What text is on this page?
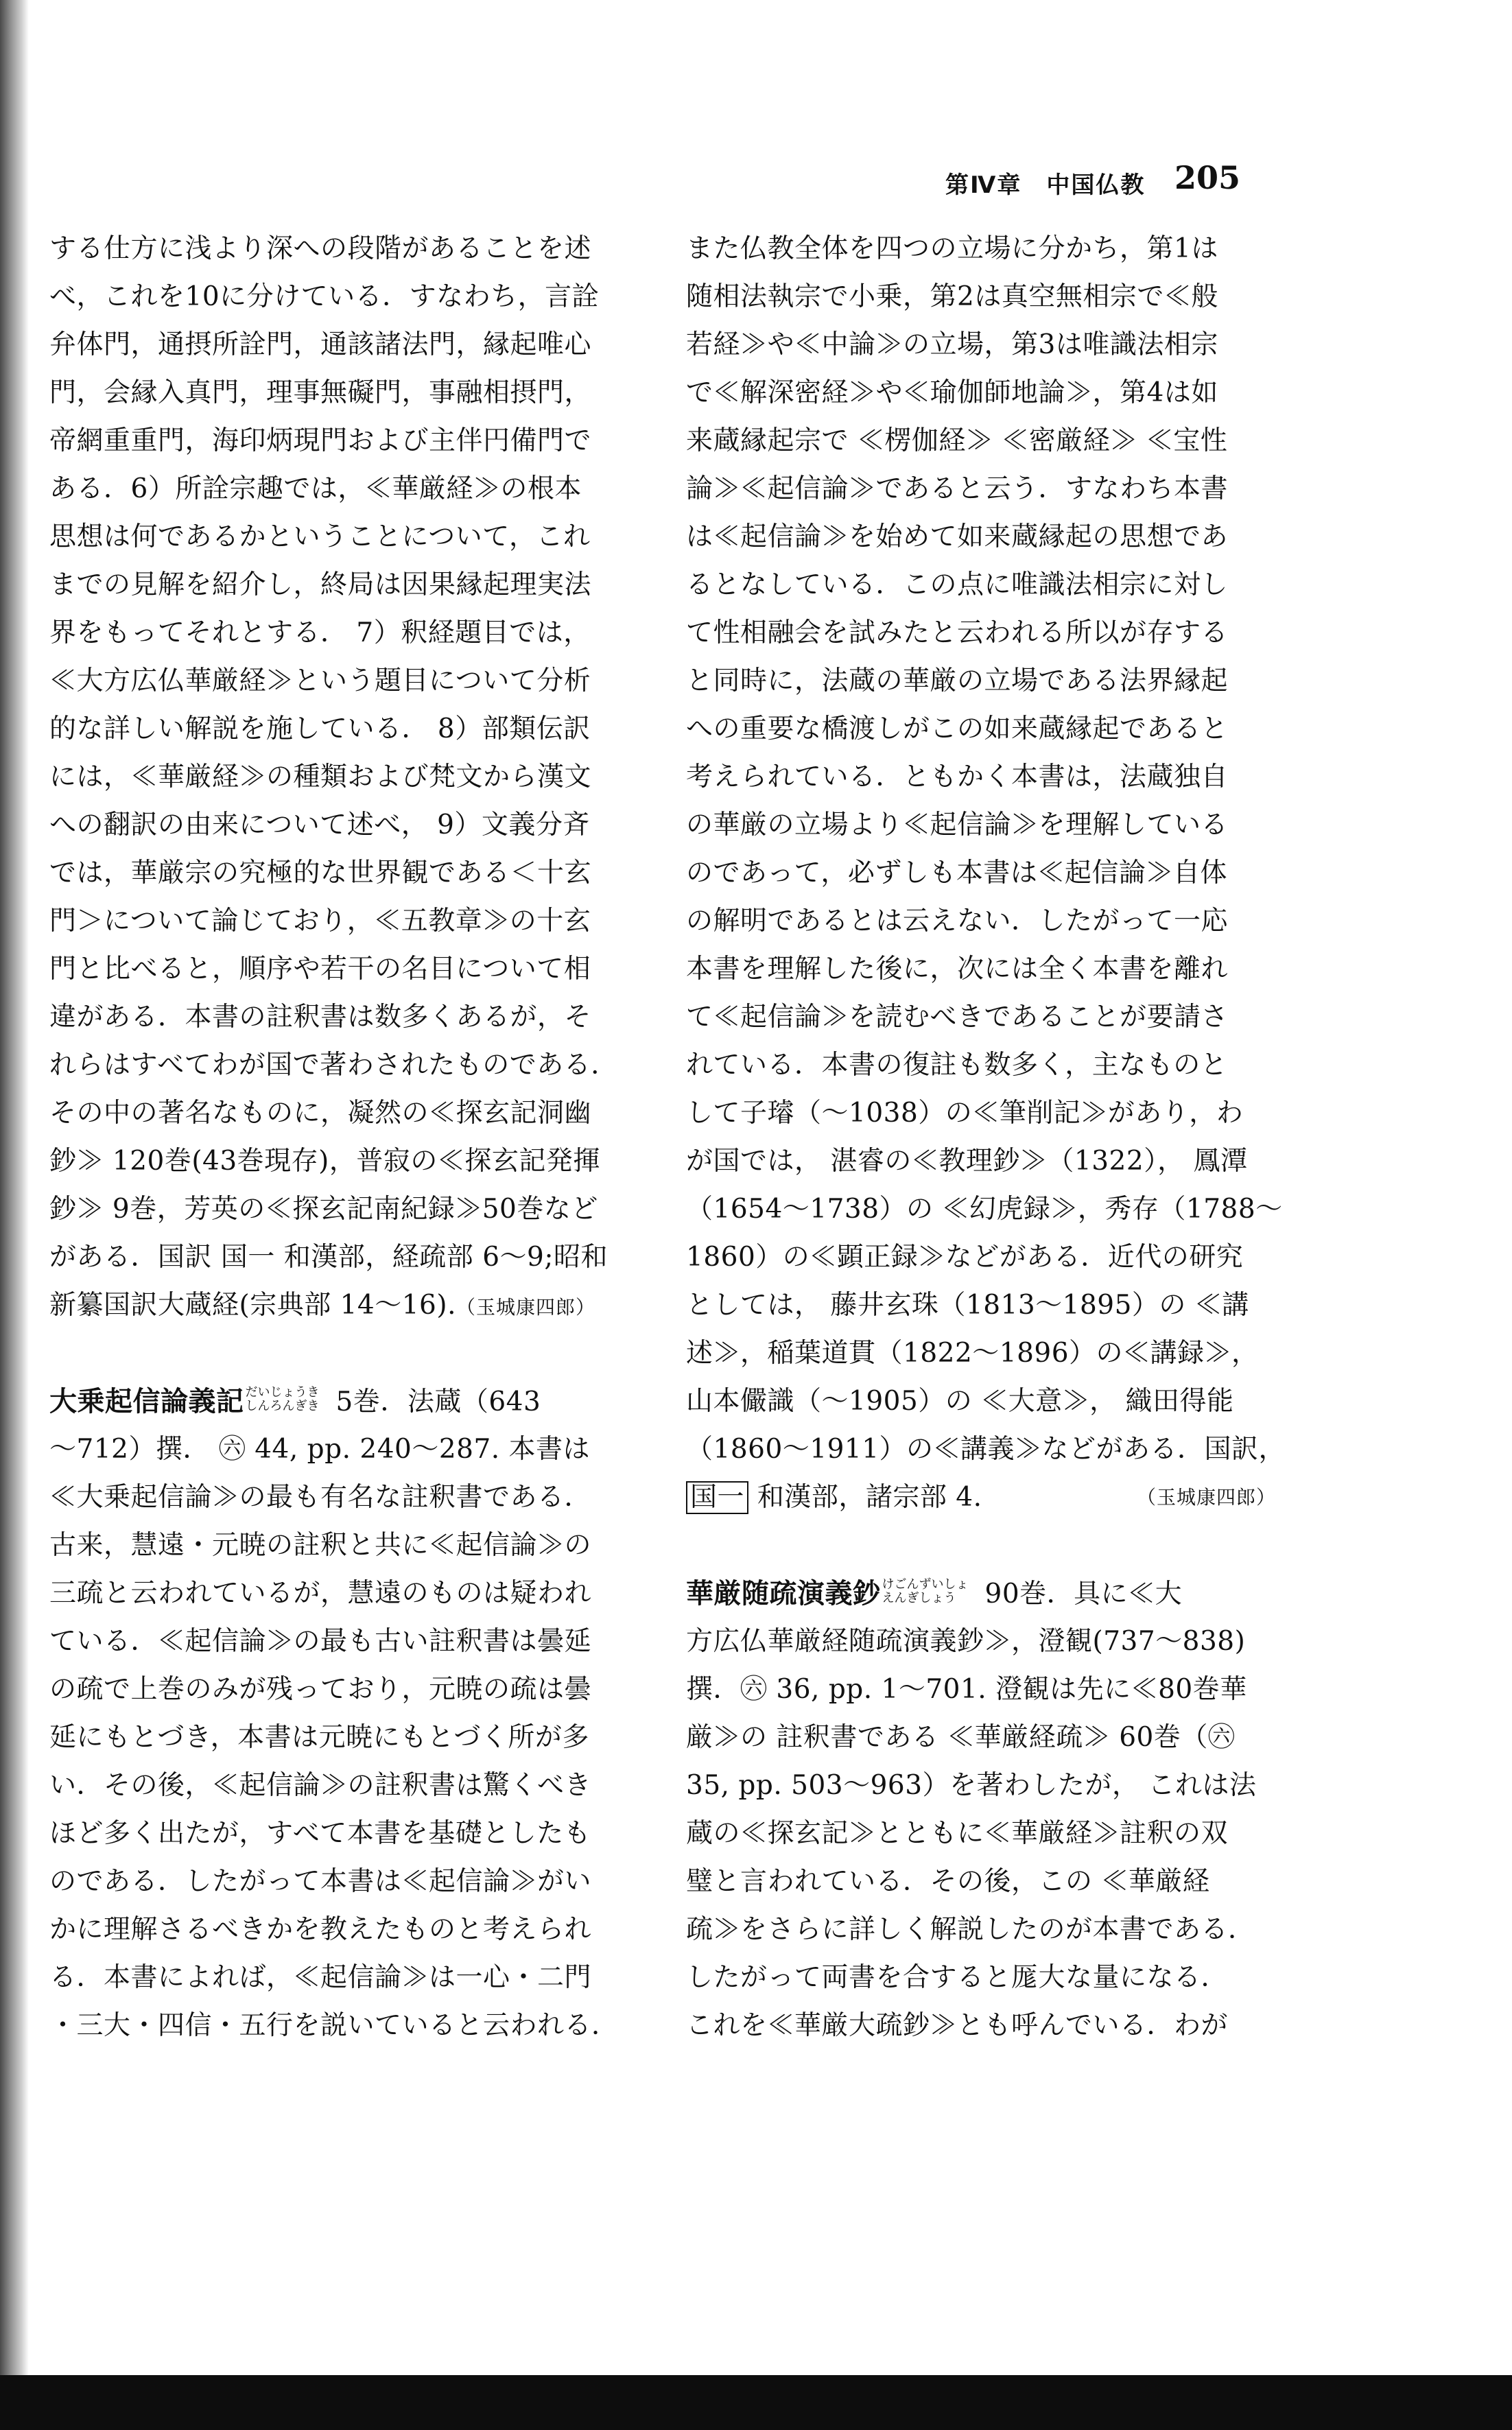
第Ⅳ章　中国仏教 205
する仕方に浅より深への段階があることを述
べ，これを10に分けている．すなわち，言詮
弁体門，通摂所詮門，通該諸法門，縁起唯心
門，会縁入真門，理事無礙門，事融相摂門，
帝網重重門，海印炳現門および主伴円備門で
ある．6）所詮宗趣では，≪華厳経≫の根本
思想は何であるかということについて，これ
までの見解を紹介し，終局は因果縁起理実法
界をもってそれとする． 7）釈経題目では，
≪大方広仏華厳経≫という題目について分析
的な詳しい解説を施している． 8）部類伝訳
には，≪華厳経≫の種類および梵文から漢文
への翻訳の由来について述べ， 9）文義分斉
では，華厳宗の究極的な世界観である＜十玄
門＞について論じており，≪五教章≫の十玄
門と比べると，順序や若干の名目について相
違がある．本書の註釈書は数多くあるが，そ
れらはすべてわが国で著わされたものである．
その中の著名なものに，凝然の≪探玄記洞幽
鈔≫ 120巻(43巻現存)，普寂の≪探玄記発揮
鈔≫ 9巻，芳英の≪探玄記南紀録≫50巻など
がある．国訳 国一 和漢部，経疏部 6～9;昭和
新纂国訳大蔵経(宗典部 14～16).（玉城康四郎）
大乗起信論義記 だいじょうき
しんろんぎき 5巻．法蔵（643
～712）撰． ㊅ 44, pp. 240～287. 本書は
≪大乗起信論≫の最も有名な註釈書である．
古来，慧遠・元暁の註釈と共に≪起信論≫の
三疏と云われているが，慧遠のものは疑われ
ている．≪起信論≫の最も古い註釈書は曇延
の疏で上巻のみが残っており，元暁の疏は曇
延にもとづき，本書は元暁にもとづく所が多
い．その後，≪起信論≫の註釈書は驚くべき
ほど多く出たが，すべて本書を基礎としたも
のである．したがって本書は≪起信論≫がい
かに理解さるべきかを教えたものと考えられ
る．本書によれば，≪起信論≫は一心・二門
・三大・四信・五行を説いていると云われる．
また仏教全体を四つの立場に分かち，第1は
随相法執宗で小乗，第2は真空無相宗で≪般
若経≫や≪中論≫の立場，第3は唯識法相宗
で≪解深密経≫や≪瑜伽師地論≫，第4は如
来蔵縁起宗で ≪楞伽経≫ ≪密厳経≫ ≪宝性
論≫≪起信論≫であると云う．すなわち本書
は≪起信論≫を始めて如来蔵縁起の思想であ
るとなしている．この点に唯識法相宗に対し
て性相融会を試みたと云われる所以が存する
と同時に，法蔵の華厳の立場である法界縁起
への重要な橋渡しがこの如来蔵縁起であると
考えられている．ともかく本書は，法蔵独自
の華厳の立場より≪起信論≫を理解している
のであって，必ずしも本書は≪起信論≫自体
の解明であるとは云えない．したがって一応
本書を理解した後に，次には全く本書を離れ
て≪起信論≫を読むべきであることが要請さ
れている．本書の復註も数多く，主なものと
して子璿（～1038）の≪筆削記≫があり，わ
が国では， 湛睿の≪教理鈔≫（1322）， 鳳潭
（1654～1738）の ≪幻虎録≫，秀存（1788～
1860）の≪顕正録≫などがある．近代の研究
としては， 藤井玄珠（1813～1895）の ≪講
述≫，稲葉道貫（1822～1896）の≪講録≫，
山本儼識（～1905）の ≪大意≫， 織田得能
（1860～1911）の≪講義≫などがある．国訳，
国一 和漢部，諸宗部 4.	（玉城康四郎）
華厳随疏演義鈔 けごんずいしょ
えんぎしょう	90巻．具に≪大
方広仏華厳経随疏演義鈔≫，澄観(737～838)
撰．㊅ 36, pp. 1～701. 澄観は先に≪80巻華
厳≫の 註釈書である ≪華厳経疏≫ 60巻（㊅
35, pp. 503～963）を著わしたが， これは法
蔵の≪探玄記≫とともに≪華厳経≫註釈の双
璧と言われている．その後，この ≪華厳経
疏≫をさらに詳しく解説したのが本書である．
したがって両書を合すると厖大な量になる．
これを≪華厳大疏鈔≫とも呼んでいる．わが
